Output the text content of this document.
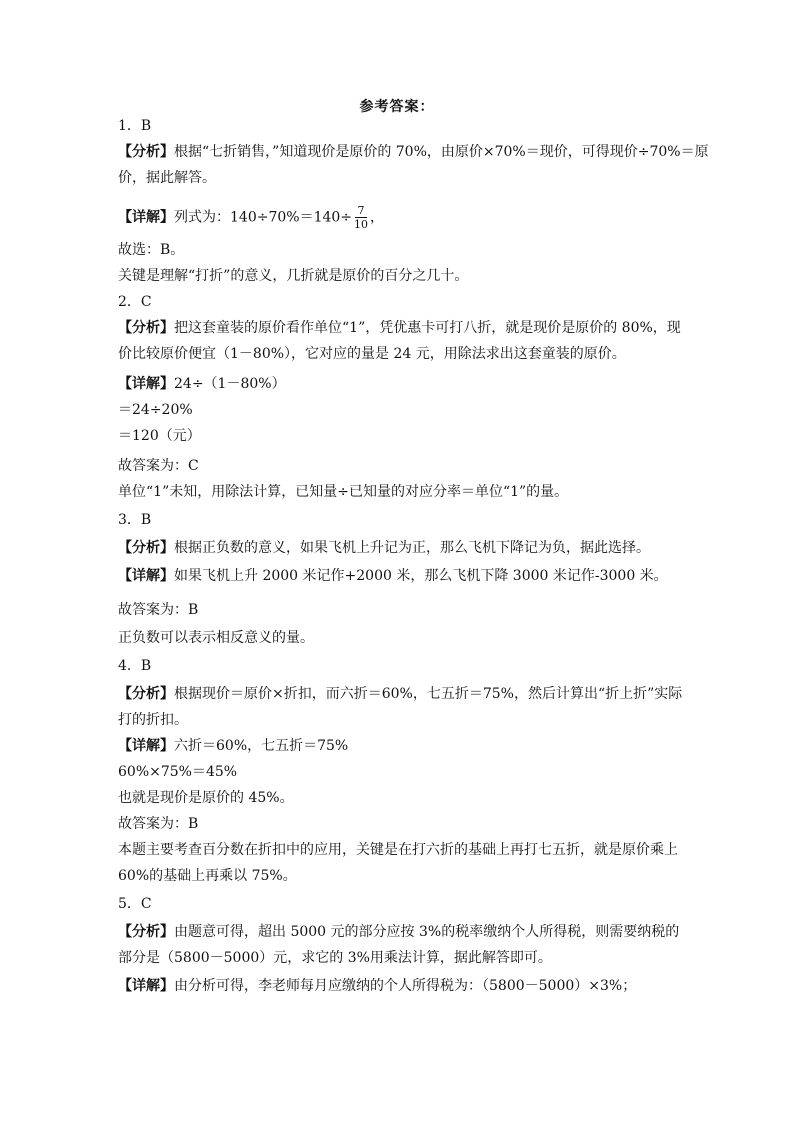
参考答案：
1．B
【分析】根据“七折销售，”知道现价是原价的 70%，由原价×70%＝现价，可得现价÷70%＝原
价，据此解答。
【详解】列式为：$140\div 70\%=140\div \frac{7}{10}$ ，
故选：B。
关键是理解“打折”的意义，几折就是原价的百分之几十。
2．C
【分析】把这套童装的原价看作单位“1”，凭优惠卡可打八折，就是现价是原价的 80%，现
价比较原价便宜（1－80%），它对应的量是 24 元，用除法求出这套童装的原价。
【详解】24÷（1－80%）
＝24÷20%
＝120（元）
故答案为：C
单位“1”未知，用除法计算，已知量÷已知量的对应分率＝单位“1”的量。
3．B
【分析】根据正负数的意义，如果飞机上升记为正，那么飞机下降记为负，据此选择。
【详解】如果飞机上升 2000 米记作+2000 米，那么飞机下降 3000 米记作-3000 米。
故答案为：B
正负数可以表示相反意义的量。
4．B
【分析】根据现价＝原价×折扣，而六折＝60%，七五折＝75%，然后计算出“折上折”实际
打的折扣。
【详解】六折＝60%，七五折＝75%
60%×75%＝45%
也就是现价是原价的 45%。
故答案为：B
本题主要考查百分数在折扣中的应用，关键是在打六折的基础上再打七五折，就是原价乘上
60%的基础上再乘以 75%。
5．C
【分析】由题意可得，超出 5000 元的部分应按 3%的税率缴纳个人所得税，则需要纳税的
部分是（5800－5000）元，求它的 3%用乘法计算，据此解答即可。
【详解】由分析可得，李老师每月应缴纳的个人所得税为：（5800－5000）×3%；
